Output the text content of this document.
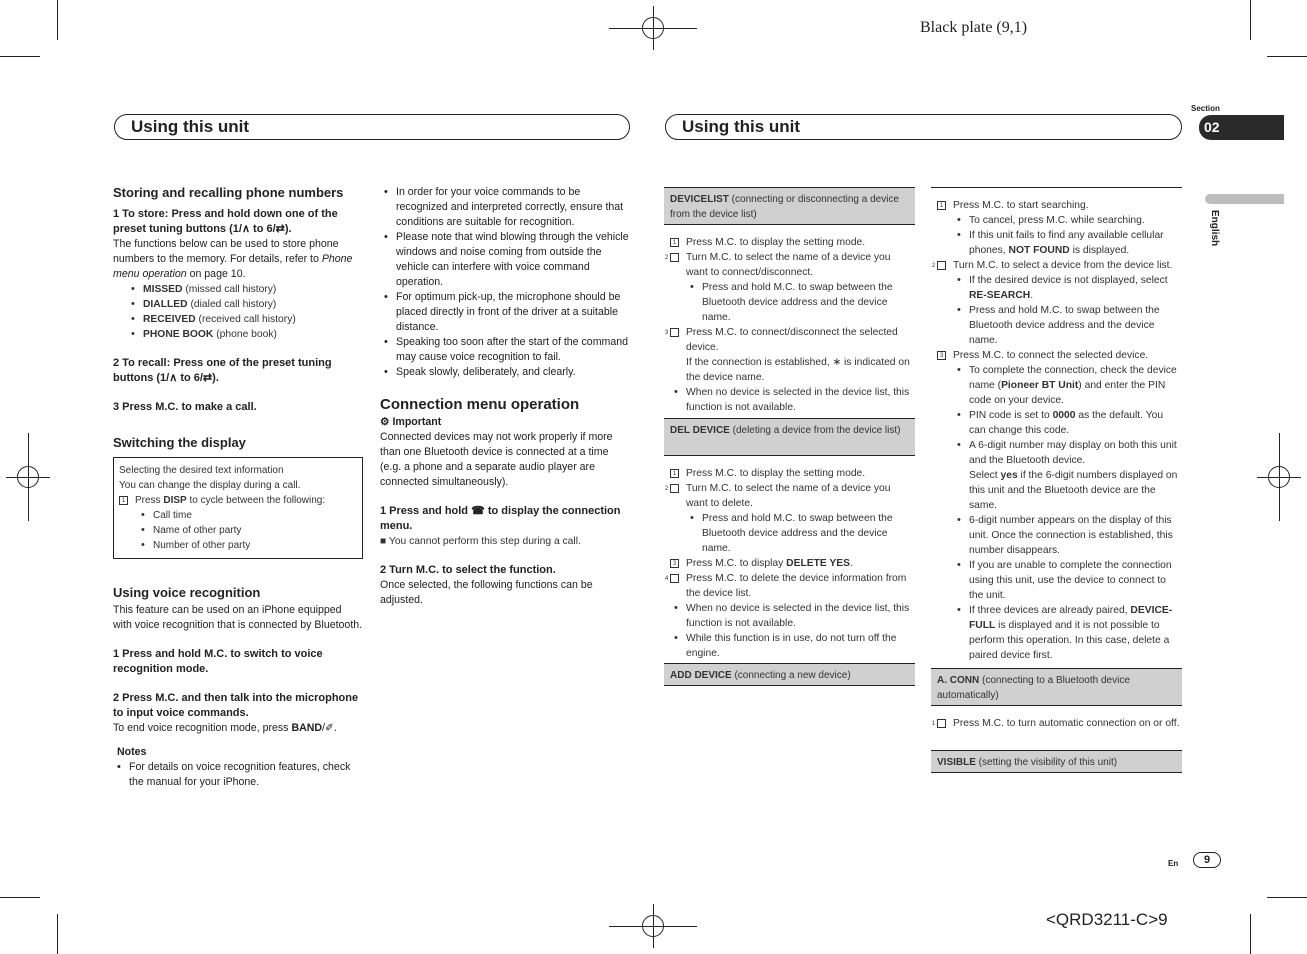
Black plate (9,1)
Using this unit	Using this unit
Section
02
English
Storing and recalling phone numbers

1 To store: Press and hold down one of the preset tuning buttons (1/∧ to 6/⇄).

The functions below can be used to store phone numbers to the memory. For details, refer to Phone menu operation on page 10.

• MISSED (missed call history)
• DIALLED (dialed call history)
• RECEIVED (received call history)
• PHONE BOOK (phone book)

2 To recall: Press one of the preset tuning buttons (1/∧ to 6/⇄).

3 Press M.C. to make a call.

Switching the display

Selecting the desired text information

You can change the display during a call.

1 Press DISP to cycle between the following:

• Call time
• Name of other party
• Number of other party
Using voice recognition

This feature can be used on an iPhone equipped with voice recognition that is connected by Bluetooth.

1 Press and hold M.C. to switch to voice recognition mode.

2 Press M.C. and then talk into the microphone to input voice commands.

To end voice recognition mode, press BAND/✐.

Notes

• For details on voice recognition features, check the manual for your iPhone.
• In order for your voice commands to be recognized and interpreted correctly, ensure that conditions are suitable for recognition.
• Please note that wind blowing through the vehicle windows and noise coming from outside the vehicle can interfere with voice command operation.
• For optimum pick-up, the microphone should be placed directly in front of the driver at a suitable distance.
• Speaking too soon after the start of the command may cause voice recognition to fail.
• Speak slowly, deliberately, and clearly.
Connection menu operation

⚙ Important

Connected devices may not work properly if more than one Bluetooth device is connected at a time (e.g. a phone and a separate audio player are connected simultaneously).

1 Press and hold ☎ to display the connection menu.

■ You cannot perform this step during a call.

2 Turn M.C. to select the function.

Once selected, the following functions can be adjusted.

DEVICELIST (connecting or disconnecting a device from the device list)

1 Press M.C. to display the setting mode.

2 Turn M.C. to select the name of a device you want to connect/disconnect.

• Press and hold M.C. to swap between the Bluetooth device address and the device name.

3 Press M.C. to connect/disconnect the selected device.

If the connection is established, ∗ is indicated on the device name.

• When no device is selected in the device list, this function is not available.
DEL DEVICE (deleting a device from the device list)

1 Press M.C. to display the setting mode.

2 Turn M.C. to select the name of a device you want to delete.

• Press and hold M.C. to swap between the Bluetooth device address and the device name.

3 Press M.C. to display DELETE YES.

4 Press M.C. to delete the device information from the device list.

• When no device is selected in the device list, this function is not available.
• While this function is in use, do not turn off the engine.
ADD DEVICE (connecting a new device)

1 Press M.C. to start searching.

• To cancel, press M.C. while searching.
• If this unit fails to find any available cellular phones, NOT FOUND is displayed.

2 Turn M.C. to select a device from the device list.

• If the desired device is not displayed, select RE-SEARCH.
• Press and hold M.C. to swap between the Bluetooth device address and the device name.

3 Press M.C. to connect the selected device.

• To complete the connection, check the device name (Pioneer BT Unit) and enter the PIN code on your device.
• PIN code is set to 0000 as the default. You can change this code.
• A 6-digit number may display on both this unit and the Bluetooth device.
Select yes if the 6-digit numbers displayed on this unit and the Bluetooth device are the same.
• 6-digit number appears on the display of this unit. Once the connection is established, this number disappears.
• If you are unable to complete the connection using this unit, use the device to connect to the unit.
• If three devices are already paired, DEVICE-FULL is displayed and it is not possible to perform this operation. In this case, delete a paired device first.
A. CONN (connecting to a Bluetooth device automatically)

1 Press M.C. to turn automatic connection on or off.

VISIBLE (setting the visibility of this unit)
En	9
<QRD3211-C>9
